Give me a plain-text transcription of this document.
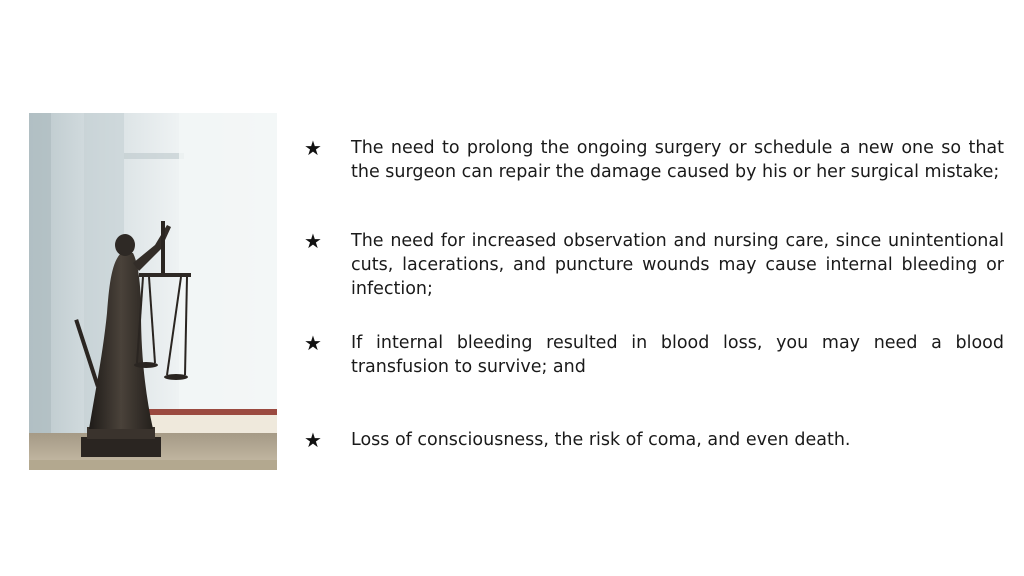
★ The need to prolong the ongoing surgery or schedule a new one so that the surgeon can repair the damage caused by his or her surgical mistake;
★ The need for increased observation and nursing care, since unintentional cuts, lacerations, and puncture wounds may cause internal bleeding or infection;
★ If internal bleeding resulted in blood loss, you may need a blood transfusion to survive; and
★ Loss of consciousness, the risk of coma, and even death.
